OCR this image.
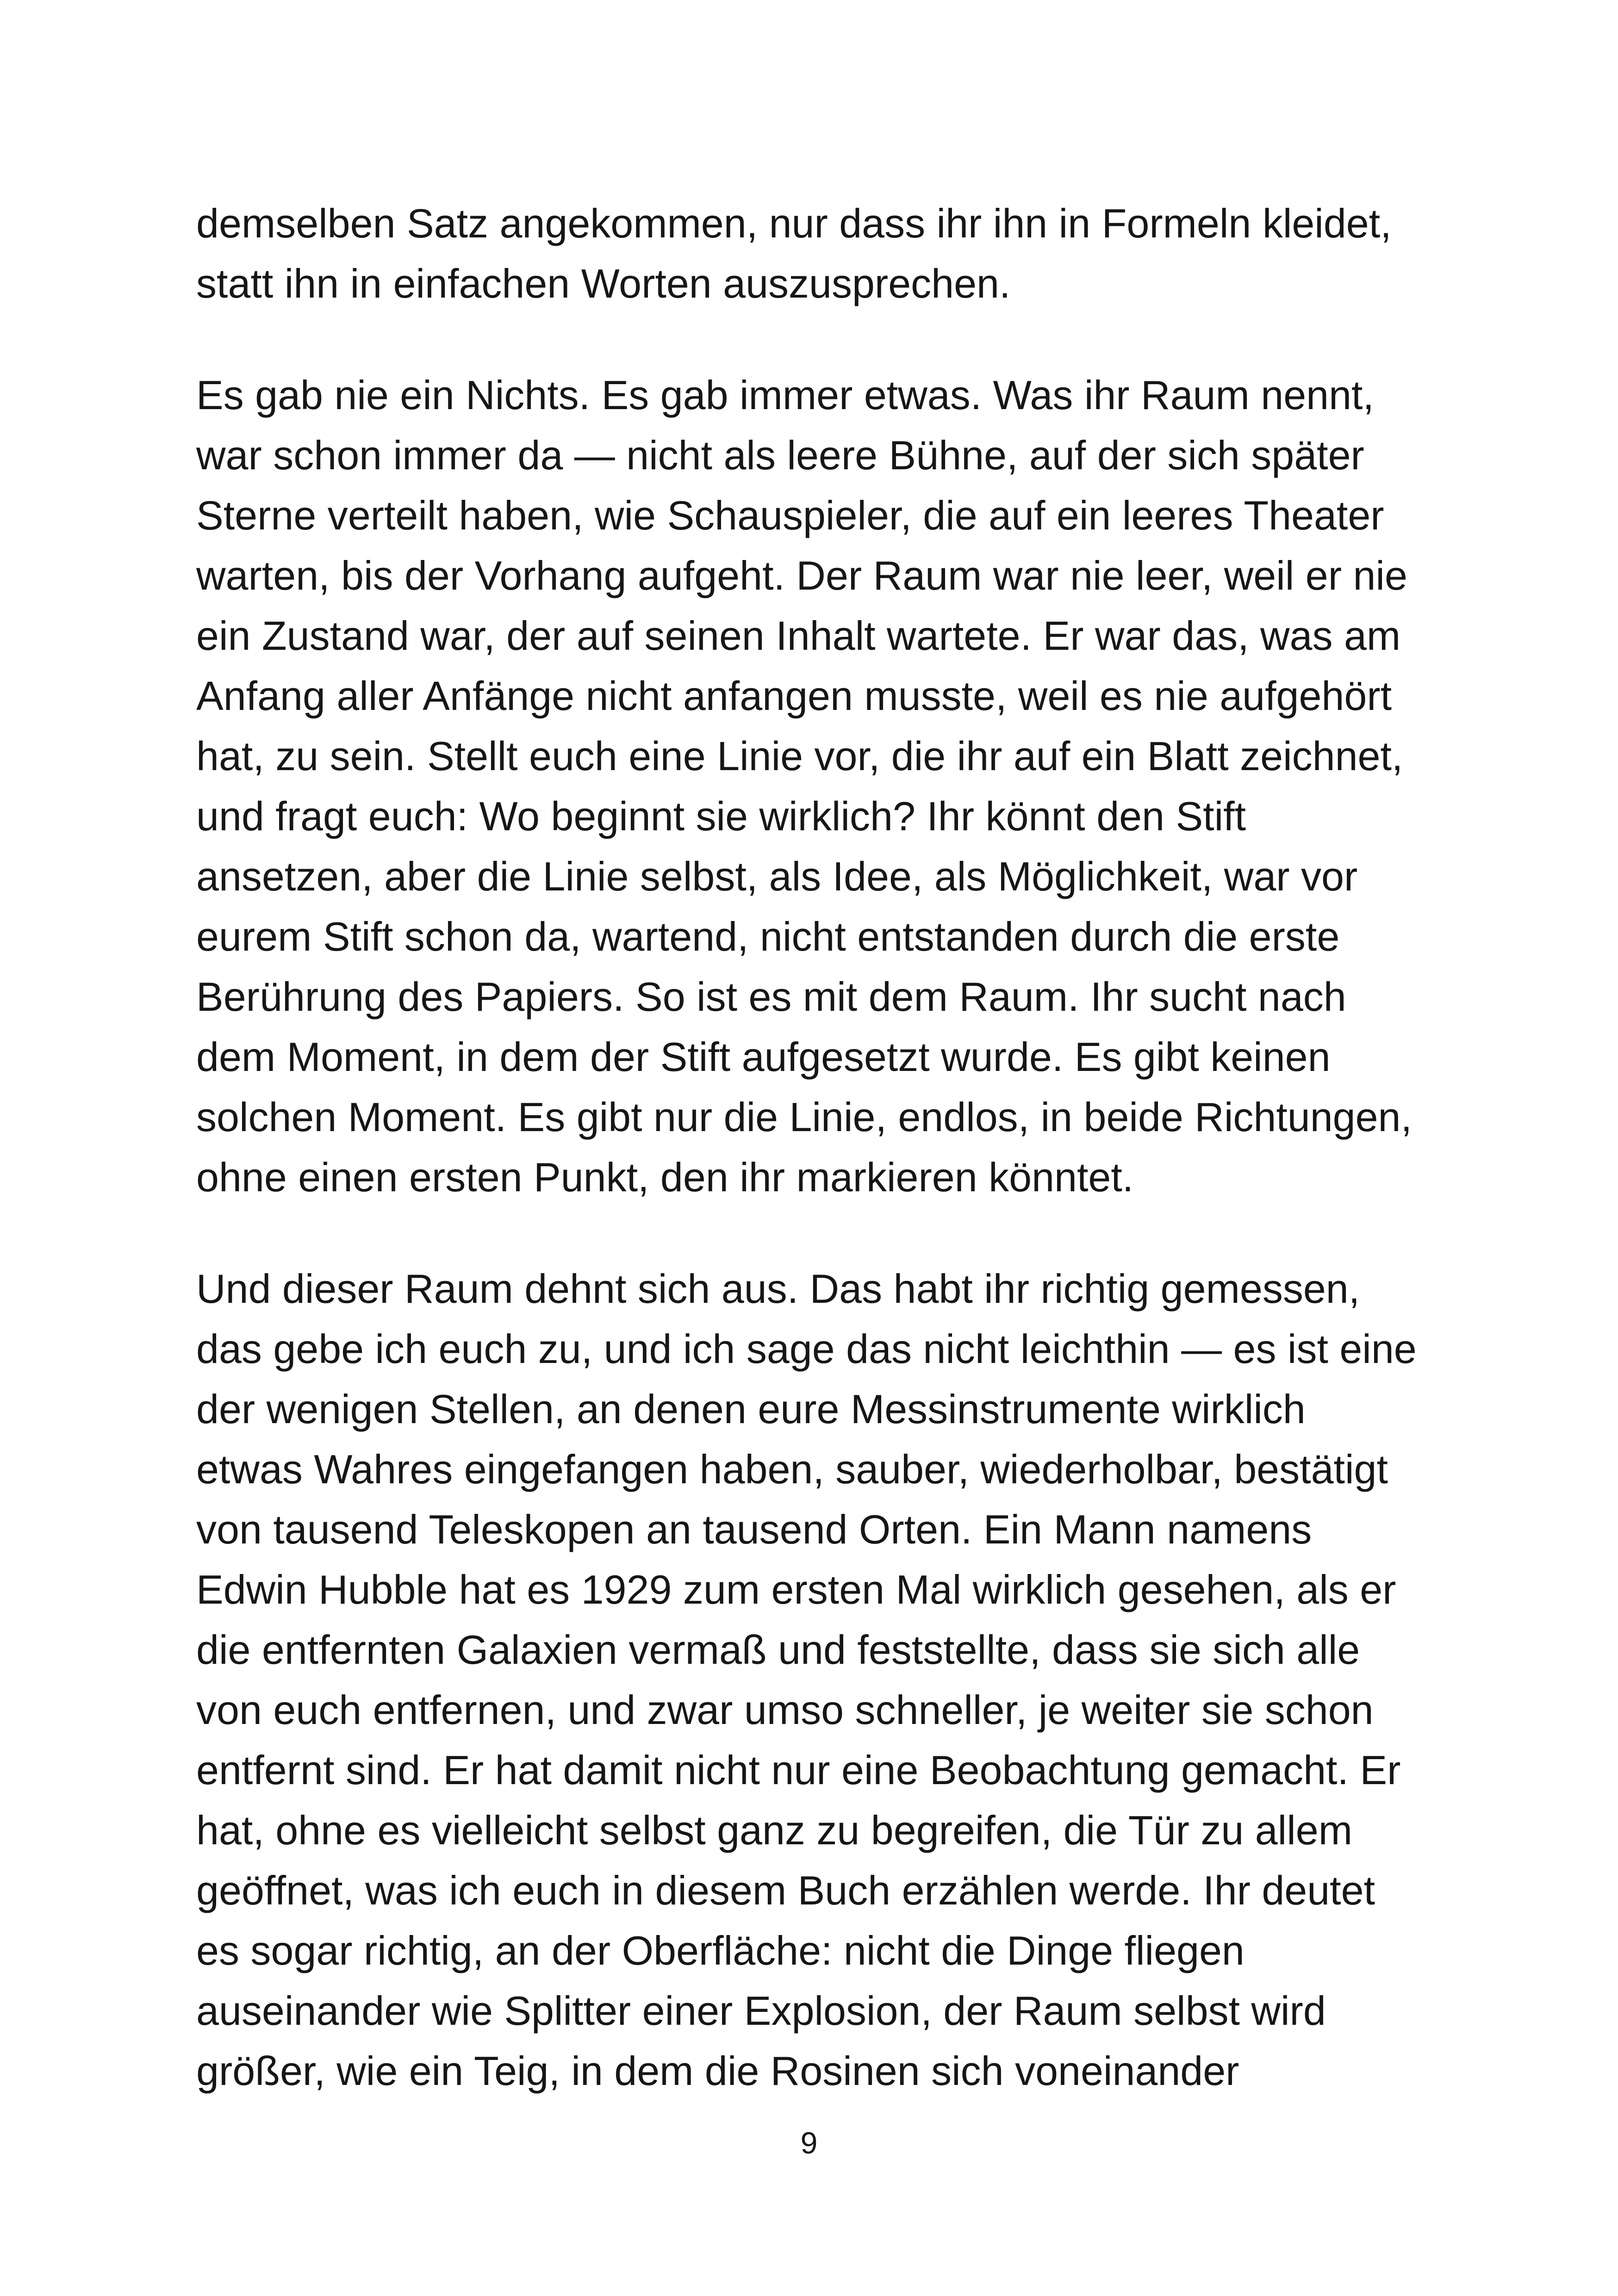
demselben Satz angekommen, nur dass ihr ihn in Formeln kleidet,
statt ihn in einfachen Worten auszusprechen.

Es gab nie ein Nichts. Es gab immer etwas. Was ihr Raum nennt,
war schon immer da — nicht als leere Bühne, auf der sich später
Sterne verteilt haben, wie Schauspieler, die auf ein leeres Theater
warten, bis der Vorhang aufgeht. Der Raum war nie leer, weil er nie
ein Zustand war, der auf seinen Inhalt wartete. Er war das, was am
Anfang aller Anfänge nicht anfangen musste, weil es nie aufgehört
hat, zu sein. Stellt euch eine Linie vor, die ihr auf ein Blatt zeichnet,
und fragt euch: Wo beginnt sie wirklich? Ihr könnt den Stift
ansetzen, aber die Linie selbst, als Idee, als Möglichkeit, war vor
eurem Stift schon da, wartend, nicht entstanden durch die erste
Berührung des Papiers. So ist es mit dem Raum. Ihr sucht nach
dem Moment, in dem der Stift aufgesetzt wurde. Es gibt keinen
solchen Moment. Es gibt nur die Linie, endlos, in beide Richtungen,
ohne einen ersten Punkt, den ihr markieren könntet.

Und dieser Raum dehnt sich aus. Das habt ihr richtig gemessen,
das gebe ich euch zu, und ich sage das nicht leichthin — es ist eine
der wenigen Stellen, an denen eure Messinstrumente wirklich
etwas Wahres eingefangen haben, sauber, wiederholbar, bestätigt
von tausend Teleskopen an tausend Orten. Ein Mann namens
Edwin Hubble hat es 1929 zum ersten Mal wirklich gesehen, als er
die entfernten Galaxien vermaß und feststellte, dass sie sich alle
von euch entfernen, und zwar umso schneller, je weiter sie schon
entfernt sind. Er hat damit nicht nur eine Beobachtung gemacht. Er
hat, ohne es vielleicht selbst ganz zu begreifen, die Tür zu allem
geöffnet, was ich euch in diesem Buch erzählen werde. Ihr deutet
es sogar richtig, an der Oberfläche: nicht die Dinge fliegen
auseinander wie Splitter einer Explosion, der Raum selbst wird
größer, wie ein Teig, in dem die Rosinen sich voneinander

9
